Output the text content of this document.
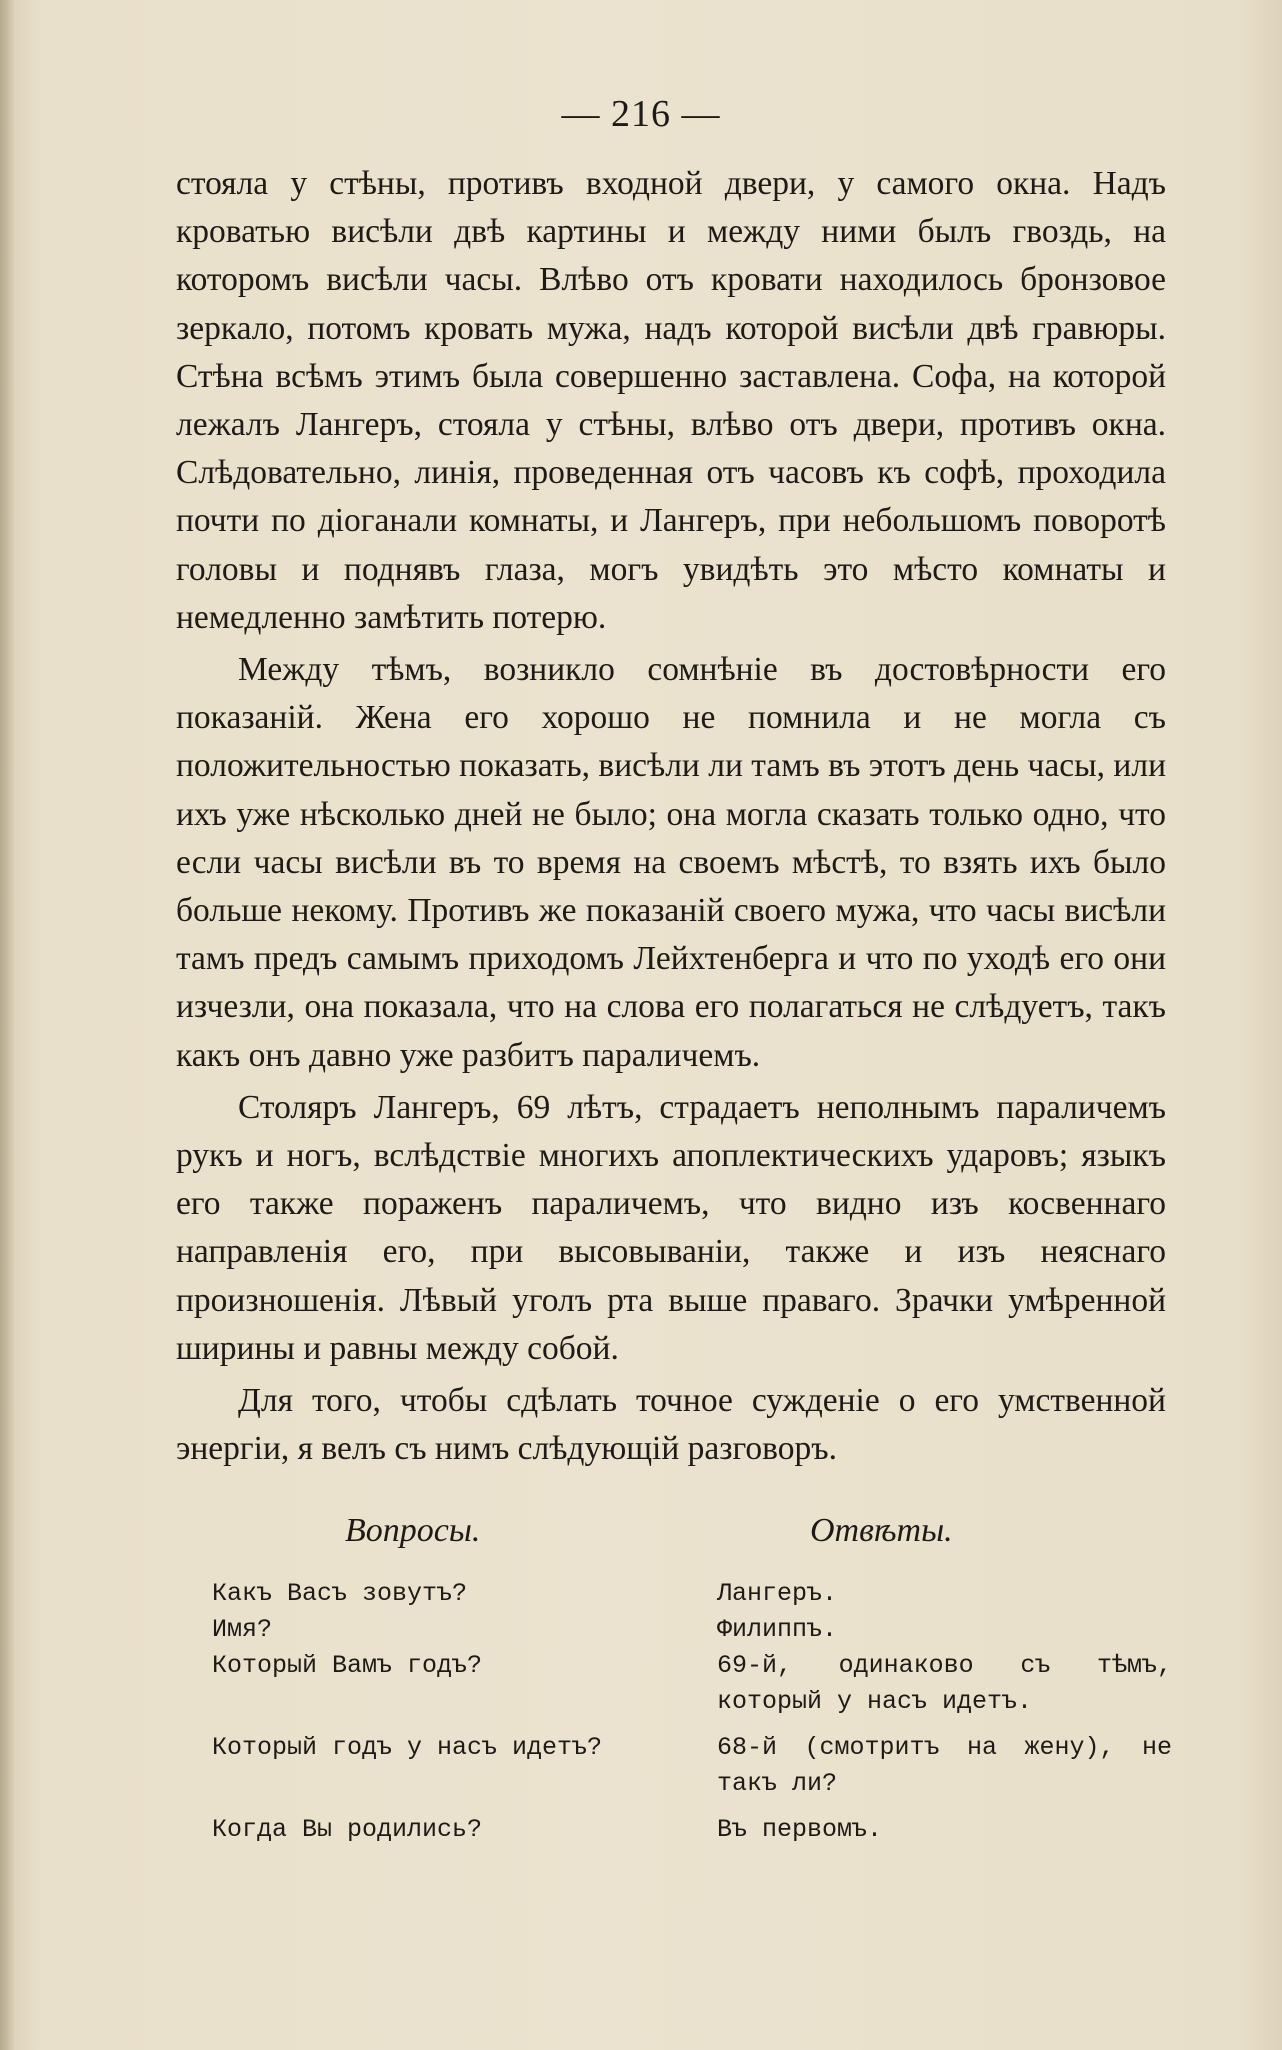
— 216 —

стояла у стѣны, противъ входной двери, у самого окна. Надъ кроватью висѣли двѣ картины и между ними былъ гвоздь, на которомъ висѣли часы. Влѣво отъ кровати находилось бронзовое зеркало, потомъ кровать мужа, надъ которой висѣли двѣ гравюры. Стѣна всѣмъ этимъ была совершенно заставлена. Софа, на которой лежалъ Лангеръ, стояла у стѣны, влѣво отъ двери, противъ окна. Слѣдовательно, линія, проведенная отъ часовъ къ софѣ, проходила почти по діоганали комнаты, и Лангеръ, при небольшомъ поворотѣ головы и поднявъ глаза, могъ увидѣть это мѣсто комнаты и немедленно замѣтить потерю.

Между тѣмъ, возникло сомнѣніе въ достовѣрности его показаній. Жена его хорошо не помнила и не могла съ положительностью показать, висѣли ли тамъ въ этотъ день часы, или ихъ уже нѣсколько дней не было; она могла сказать только одно, что если часы висѣли въ то время на своемъ мѣстѣ, то взять ихъ было больше некому. Противъ же показаній своего мужа, что часы висѣли тамъ предъ самымъ приходомъ Лейхтенберга и что по уходѣ его они изчезли, она показала, что на слова его полагаться не слѣдуетъ, такъ какъ онъ давно уже разбитъ параличемъ.

Столяръ Лангеръ, 69 лѣтъ, страдаетъ неполнымъ параличемъ рукъ и ногъ, вслѣдствіе многихъ апоплектическихъ ударовъ; языкъ его также пораженъ параличемъ, что видно изъ косвеннаго направленія его, при высовываніи, также и изъ неяснаго произношенія. Лѣвый уголъ рта выше праваго. Зрачки умѣренной ширины и равны между собой.

Для того, чтобы сдѣлать точное сужденіе о его умственной энергіи, я велъ съ нимъ слѣдующій разговоръ.

Вопросы.	Отвѣты.
Какъ Васъ зовутъ?	Лангеръ.
Имя?	Филиппъ.
Который Вамъ годъ?	69-й, одинаково съ тѣмъ, который у насъ идетъ.
Который годъ у насъ идетъ?	68-й (смотритъ на жену), не такъ ли?
Когда Вы родились?	Въ первомъ.
